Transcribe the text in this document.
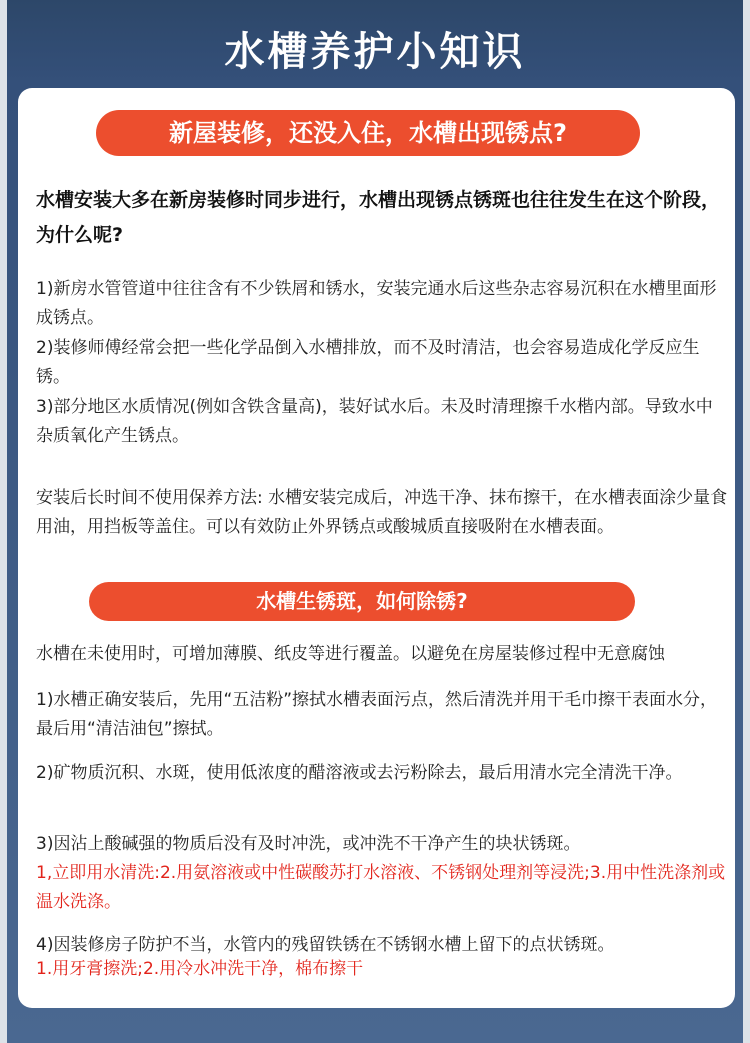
水槽养护小知识
新屋装修，还没入住，水槽出现锈点?

水槽安装大多在新房装修时同步进行，水槽出现锈点锈斑也往往发生在这个阶段，为什么呢?

1)新房水管管道中往往含有不少铁屑和锈水，安装完通水后这些杂志容易沉积在水槽里面形成锈点。

2)装修师傅经常会把一些化学品倒入水槽排放，而不及时清洁，也会容易造成化学反应生锈。

3)部分地区水质情况(例如含铁含量高)，装好试水后。未及时清理擦千水楷内部。导致水中杂质氧化产生锈点。

安装后长时间不使用保养方法: 水槽安装完成后，冲选干净、抹布擦干，在水槽表面涂少量食用油，用挡板等盖住。可以有效防止外界锈点或酸城质直接吸附在水槽表面。

水槽生锈斑，如何除锈?

水槽在未使用时，可增加薄膜、纸皮等进行覆盖。以避免在房屋装修过程中无意腐蚀

1)水槽正确安装后，先用“五洁粉”擦拭水槽表面污点，然后清洗并用干毛巾擦干表面水分，最后用“清洁油包”擦拭。

2)矿物质沉积、水斑，使用低浓度的醋溶液或去污粉除去，最后用清水完全清洗干净。

3)因沾上酸碱强的物质后没有及时冲洗，或冲洗不干净产生的块状锈斑。

1,立即用水清洗:2.用氨溶液或中性碳酸苏打水溶液、不锈钢处理剂等浸洗;3.用中性洗涤剂或温水洗涤。

4)因装修房子防护不当，水管内的残留铁锈在不锈钢水槽上留下的点状锈斑。

1.用牙膏擦洗;2.用冷水冲洗干净，棉布擦干
